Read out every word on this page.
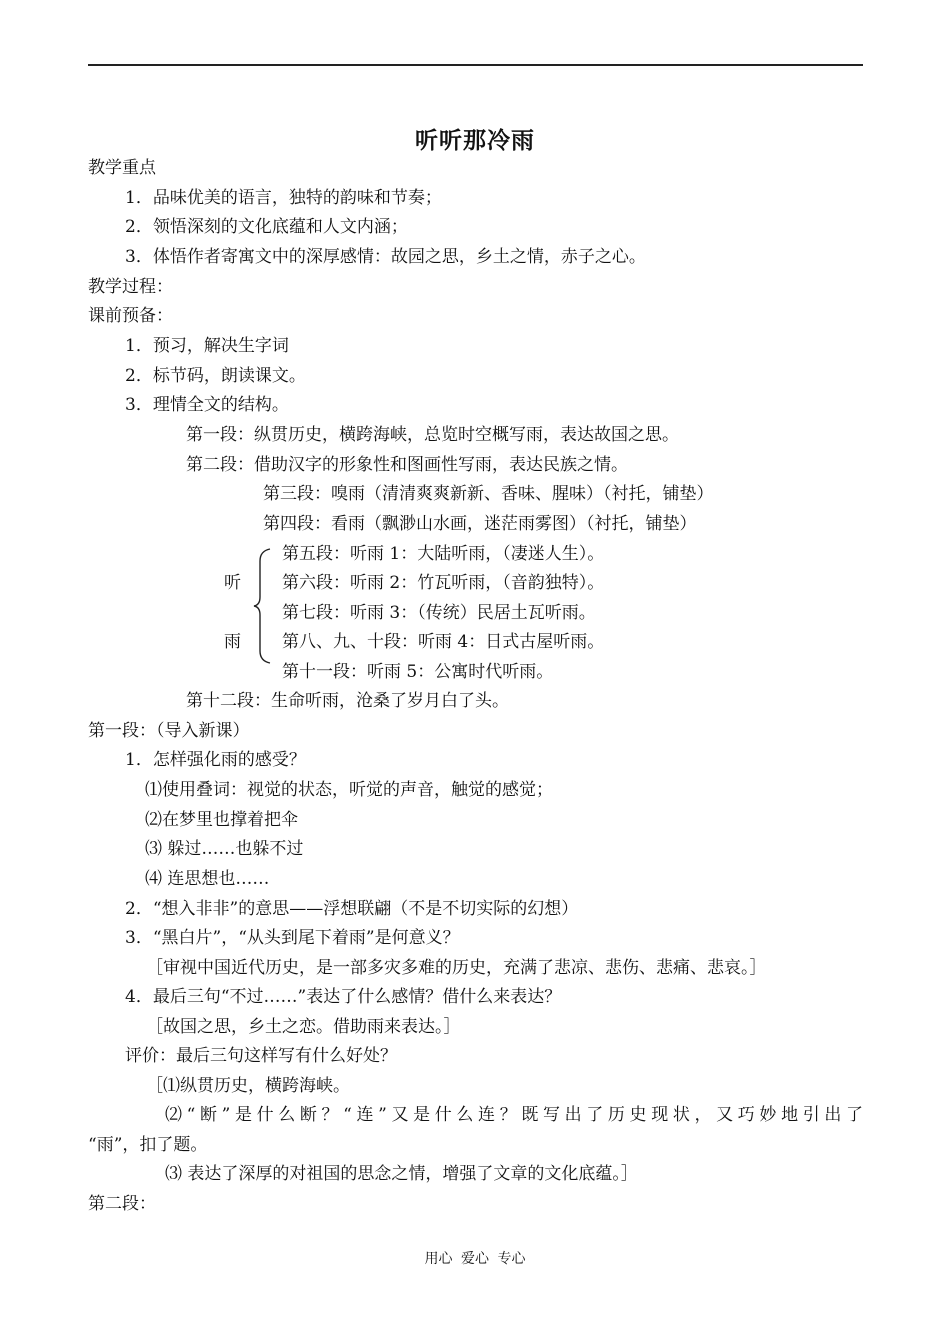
听听那冷雨
教学重点
1．品味优美的语言，独特的韵味和节奏；
2．领悟深刻的文化底蕴和人文内涵；
3．体悟作者寄寓文中的深厚感情：故园之思，乡土之情，赤子之心。
教学过程：
课前预备：
1．预习，解决生字词
2．标节码，朗读课文。
3．理情全文的结构。
第一段：纵贯历史，横跨海峡，总览时空概写雨，表达故国之思。
第二段：借助汉字的形象性和图画性写雨，表达民族之情。
第三段：嗅雨（清清爽爽新新、香味、腥味）（衬托，铺垫）
第四段：看雨（飘渺山水画，迷茫雨雾图）（衬托，铺垫）
听
雨
第五段：听雨 1：大陆听雨，（凄迷人生）。
第六段：听雨 2：竹瓦听雨，（音韵独特）。
第七段：听雨 3：（传统）民居土瓦听雨。
第八、九、十段：听雨 4：日式古屋听雨。
第十一段：听雨 5：公寓时代听雨。
第十二段：生命听雨，沧桑了岁月白了头。
第一段：（导入新课）
1．怎样强化雨的感受？
⑴使用叠词：视觉的状态，听觉的声音，触觉的感觉；
⑵在梦里也撑着把伞
⑶ 躲过……也躲不过
⑷ 连思想也……
2．“想入非非”的意思——浮想联翩（不是不切实际的幻想）
3．“黑白片”，“从头到尾下着雨”是何意义？
［审视中国近代历史，是一部多灾多难的历史，充满了悲凉、悲伤、悲痛、悲哀。］
4．最后三句“不过……”表达了什么感情？借什么来表达？
［故国之思，乡土之恋。借助雨来表达。］
评价：最后三句这样写有什么好处？
［⑴纵贯历史，横跨海峡。
⑵“断”是什么断？“连”又是什么连？既写出了历史现状，又巧妙地引出了
“雨”，扣了题。
⑶ 表达了深厚的对祖国的思念之情，增强了文章的文化底蕴。］
第二段：
用心 爱心 专心
